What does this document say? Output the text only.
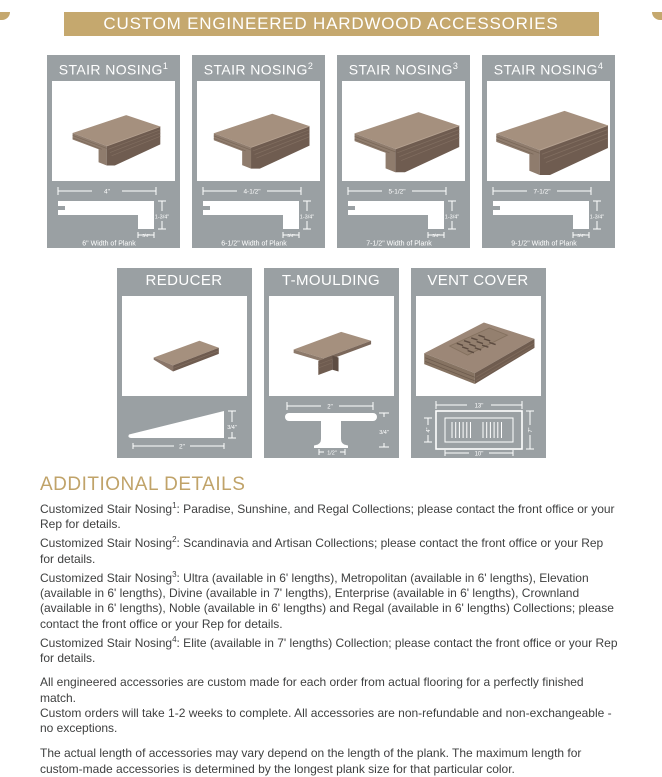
CUSTOM ENGINEERED HARDWOOD ACCESSORIES
STAIR NOSING$^1$
4"
1-3/4"
3/4"
6" Width of Plank
STAIR NOSING$^2$
4-1/2"
1-3/4"
3/4"
6-1/2" Width of Plank
STAIR NOSING$^3$
5-1/2"
1-3/4"
3/4"
7-1/2" Width of Plank
STAIR NOSING$^4$
7-1/2"
1-3/4"
3/4"
9-1/2" Width of Plank
REDUCER
3/4"
2"
T-MOULDING
2"
3/4"
1/2"
VENT COVER
13"
4"	7"
10"
ADDITIONAL DETAILS

Customized Stair Nosing$^1$: Paradise, Sunshine, and Regal Collections; please contact the front office or your Rep for details.

Customized Stair Nosing$^2$: Scandinavia and Artisan Collections; please contact the front office or your Rep for details.

Customized Stair Nosing$^3$: Ultra (available in 6' lengths), Metropolitan (available in 6' lengths), Elevation (available in 6' lengths), Divine (available in 7' lengths), Enterprise (available in 6' lengths), Crownland (available in 6' lengths), Noble (available in 6' lengths) and Regal (available in 6' lengths) Collections; please contact the front office or your Rep for details.

Customized Stair Nosing$^4$: Elite (available in 7' lengths) Collection; please contact the front office or your Rep for details.

All engineered accessories are custom made for each order from actual flooring for a perfectly finished match.

Custom orders will take 1-2 weeks to complete. All accessories are non-refundable and non-exchangeable - no exceptions.

The actual length of accessories may vary depend on the length of the plank. The maximum length for custom-made accessories is determined by the longest plank size for that particular color.
